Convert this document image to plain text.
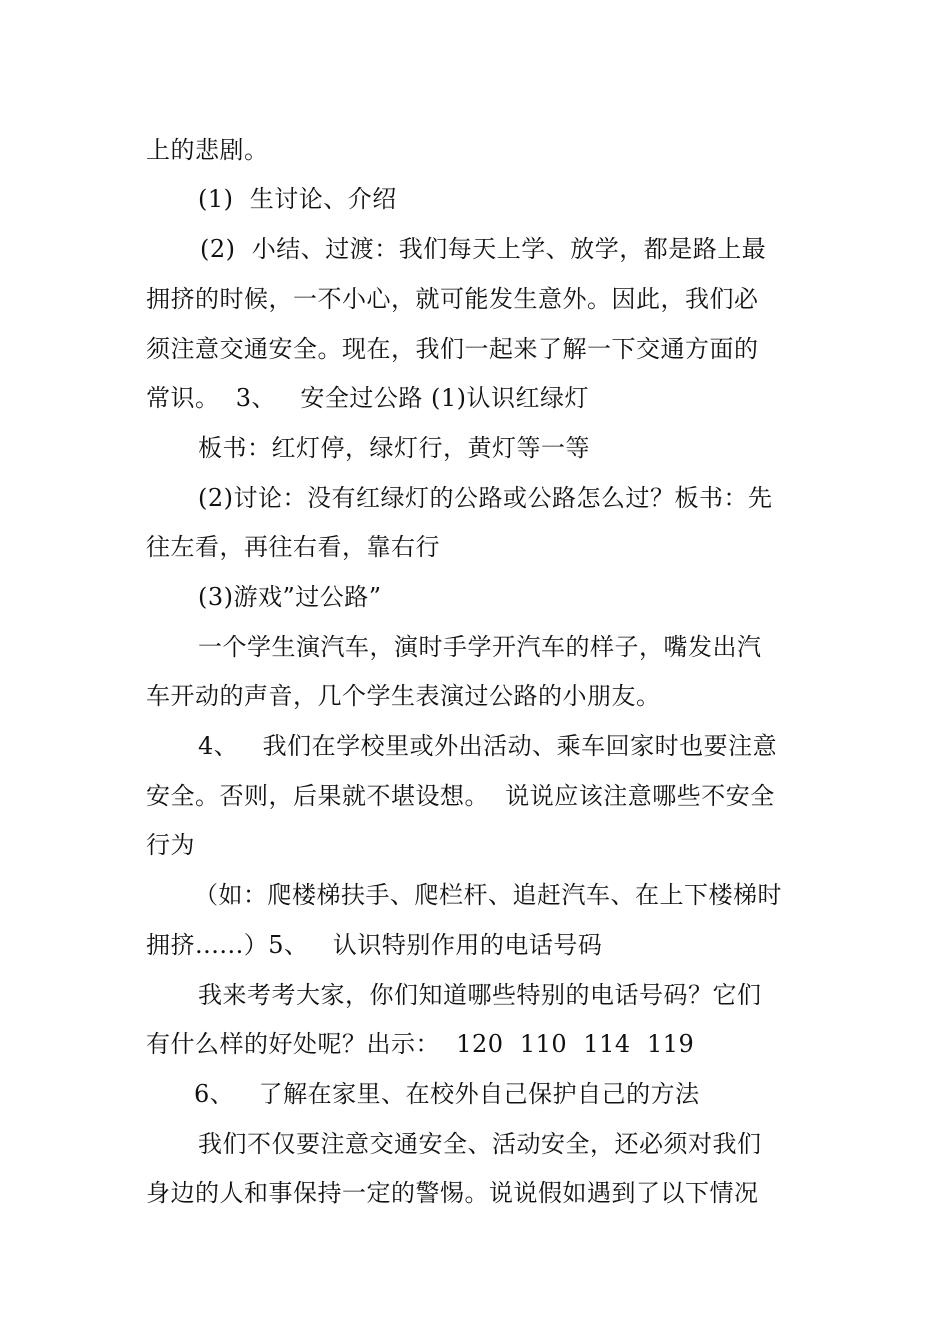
上的悲剧。
(1)  生讨论、介绍
(2)  小结、过渡：我们每天上学、放学，都是路上最
拥挤的时候，一不小心，就可能发生意外。因此，我们必
须注意交通安全。现在，我们一起来了解一下交通方面的
常识。  3、   安全过公路 (1)认识红绿灯
板书：红灯停，绿灯行，黄灯等一等
(2)讨论：没有红绿灯的公路或公路怎么过？板书：先
往左看，再往右看，靠右行
(3)游戏”过公路”
一个学生演汽车，演时手学开汽车的样子，嘴发出汽
车开动的声音，几个学生表演过公路的小朋友。
4、   我们在学校里或外出活动、乘车回家时也要注意
安全。否则，后果就不堪设想。  说说应该注意哪些不安全
行为
（如：爬楼梯扶手、爬栏杆、追赶汽车、在上下楼梯时
拥挤......）5、   认识特别作用的电话号码
我来考考大家，你们知道哪些特别的电话号码？它们
有什么样的好处呢？出示：  120  110  114  119
6、   了解在家里、在校外自己保护自己的方法
我们不仅要注意交通安全、活动安全，还必须对我们
身边的人和事保持一定的警惕。说说假如遇到了以下情况
